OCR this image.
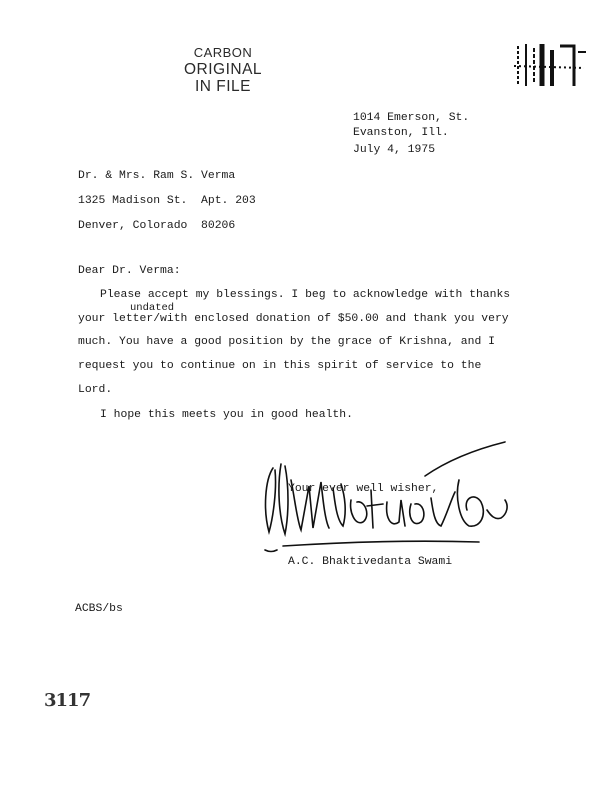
CARBON
ORIGINAL
IN FILE
1014 Emerson, St.
Evanston, Ill.
July 4, 1975
Dr. & Mrs. Ram S. Verma
1325 Madison St.  Apt. 203
Denver, Colorado  80206
Dear Dr. Verma:
Please accept my blessings. I beg to acknowledge with thanks
undated
your letter/with enclosed donation of $50.00 and thank you very
much. You have a good position by the grace of Krishna, and I
request you to continue on in this spirit of service to the
Lord.
I hope this meets you in good health.
Your ever well wisher,
A.C. Bhaktivedanta Swami
ACBS/bs
3117
